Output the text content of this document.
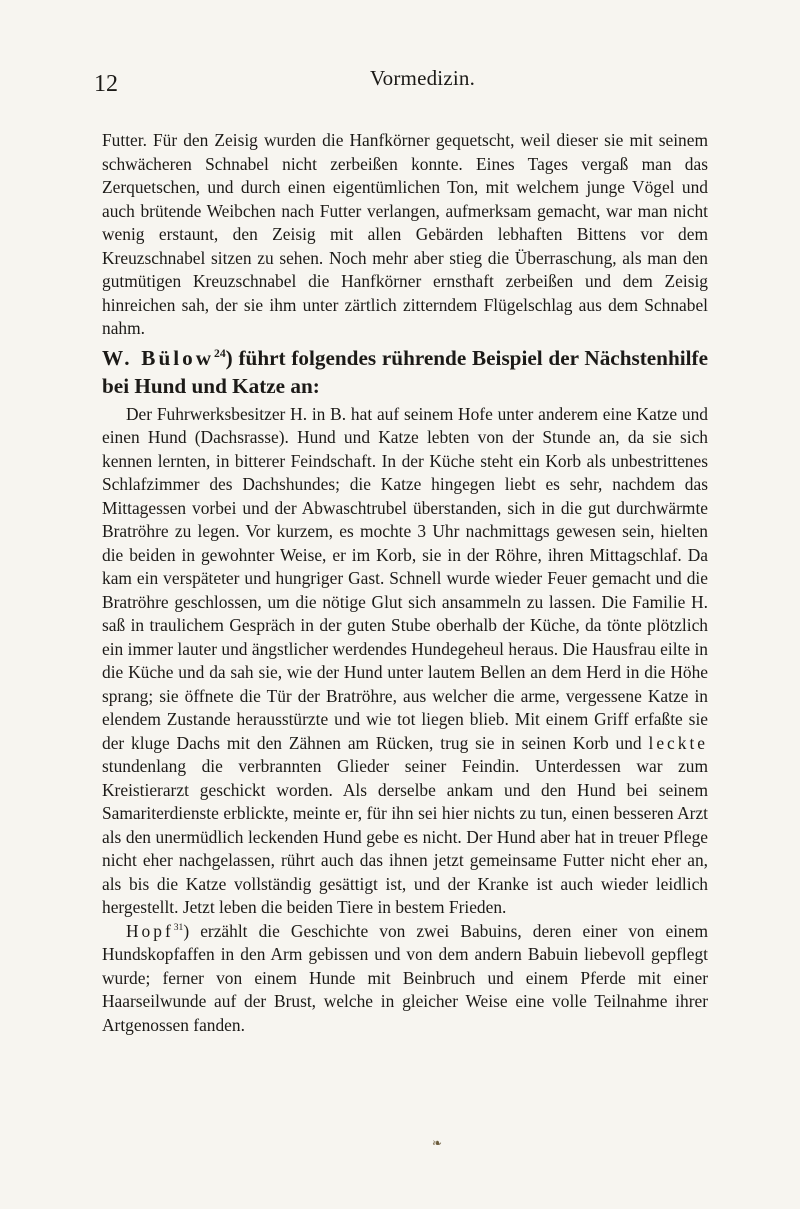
12	Vormedizin.

Futter. Für den Zeisig wurden die Hanfkörner gequetscht, weil dieser sie mit seinem schwächeren Schnabel nicht zerbeißen konnte. Eines Tages vergaß man das Zerquetschen, und durch einen eigentümlichen Ton, mit welchem junge Vögel und auch brütende Weibchen nach Futter verlangen, aufmerksam gemacht, war man nicht wenig erstaunt, den Zeisig mit allen Gebärden lebhaften Bittens vor dem Kreuzschnabel sitzen zu sehen. Noch mehr aber stieg die Überraschung, als man den gutmütigen Kreuzschnabel die Hanfkörner ernsthaft zerbeißen und dem Zeisig hinreichen sah, der sie ihm unter zärtlich zitterndem Flügelschlag aus dem Schnabel nahm.

W. Bülow$^{24}$) führt folgendes rührende Beispiel der Nächstenhilfe bei Hund und Katze an:

Der Fuhrwerksbesitzer H. in B. hat auf seinem Hofe unter anderem eine Katze und einen Hund (Dachsrasse). Hund und Katze lebten von der Stunde an, da sie sich kennen lernten, in bitterer Feindschaft. In der Küche steht ein Korb als unbestrittenes Schlafzimmer des Dachshundes; die Katze hingegen liebt es sehr, nachdem das Mittagessen vorbei und der Abwaschtrubel überstanden, sich in die gut durchwärmte Bratröhre zu legen. Vor kurzem, es mochte 3 Uhr nachmittags gewesen sein, hielten die beiden in gewohnter Weise, er im Korb, sie in der Röhre, ihren Mittagschlaf. Da kam ein verspäteter und hungriger Gast. Schnell wurde wieder Feuer gemacht und die Bratröhre geschlossen, um die nötige Glut sich ansammeln zu lassen. Die Familie H. saß in traulichem Gespräch in der guten Stube oberhalb der Küche, da tönte plötzlich ein immer lauter und ängstlicher werdendes Hundegeheul heraus. Die Hausfrau eilte in die Küche und da sah sie, wie der Hund unter lautem Bellen an dem Herd in die Höhe sprang; sie öffnete die Tür der Bratröhre, aus welcher die arme, vergessene Katze in elendem Zustande herausstürzte und wie tot liegen blieb. Mit einem Griff erfaßte sie der kluge Dachs mit den Zähnen am Rücken, trug sie in seinen Korb und leckte stundenlang die verbrannten Glieder seiner Feindin. Unterdessen war zum Kreistierarzt geschickt worden. Als derselbe ankam und den Hund bei seinem Samariterdienste erblickte, meinte er, für ihn sei hier nichts zu tun, einen besseren Arzt als den unermüdlich leckenden Hund gebe es nicht. Der Hund aber hat in treuer Pflege nicht eher nachgelassen, rührt auch das ihnen jetzt gemeinsame Futter nicht eher an, als bis die Katze vollständig gesättigt ist, und der Kranke ist auch wieder leidlich hergestellt. Jetzt leben die beiden Tiere in bestem Frieden.

Hopf$^{31}$) erzählt die Geschichte von zwei Babuins, deren einer von einem Hundskopfaffen in den Arm gebissen und von dem andern Babuin liebevoll gepflegt wurde; ferner von einem Hunde mit Beinbruch und einem Pferde mit einer Haarseilwunde auf der Brust, welche in gleicher Weise eine volle Teilnahme ihrer Artgenossen fanden.

❧
